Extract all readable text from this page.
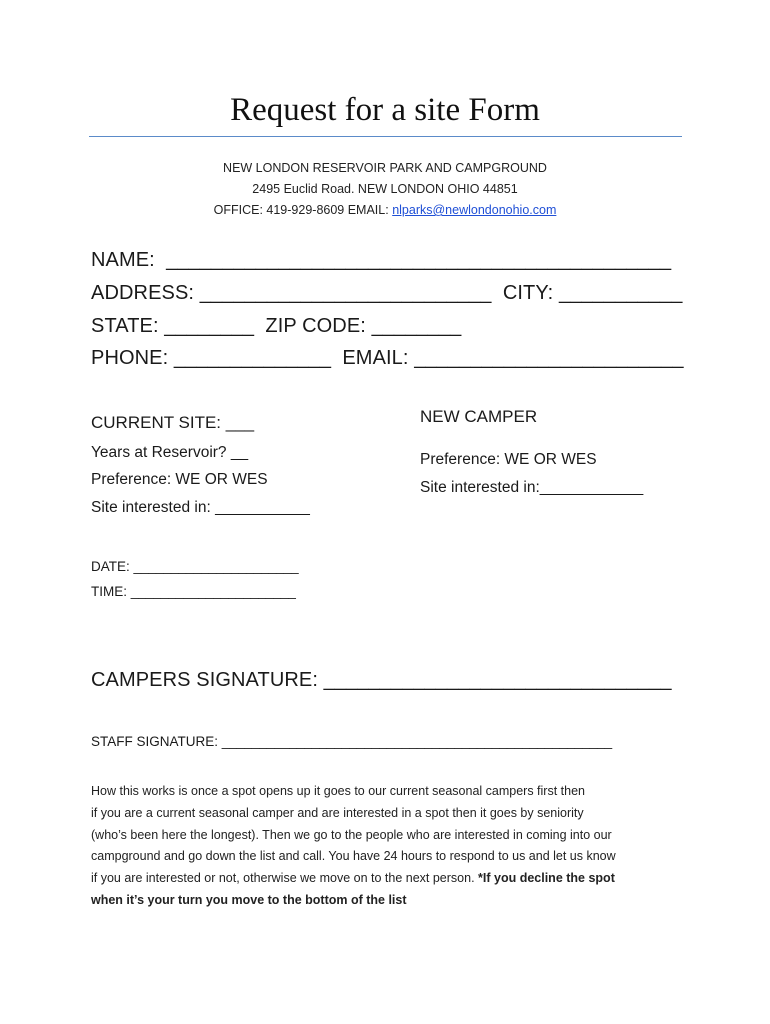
Request for a site Form
NEW LONDON RESERVOIR PARK AND CAMPGROUND
2495 Euclid Road. NEW LONDON OHIO 44851
OFFICE: 419-929-8609 EMAIL: nlparks@newlondonohio.com
NAME:  _____________________________________________
ADDRESS: __________________________  CITY: ___________
STATE: ________  ZIP CODE: ________
PHONE: ______________  EMAIL: ________________________
CURRENT SITE: ___
Years at Reservoir? __
Preference: WE OR WES
Site interested in: ___________
NEW CAMPER
Preference: WE OR WES
Site interested in:____________
DATE: ______________________
TIME: ______________________
CAMPERS SIGNATURE: _______________________________
STAFF SIGNATURE: ____________________________________________________
How this works is once a spot opens up it goes to our current seasonal campers first then
if you are a current seasonal camper and are interested in a spot then it goes by seniority
(who’s been here the longest). Then we go to the people who are interested in coming into our
campground and go down the list and call. You have 24 hours to respond to us and let us know
if you are interested or not, otherwise we move on to the next person. *If you decline the spot
when it’s your turn you move to the bottom of the list
